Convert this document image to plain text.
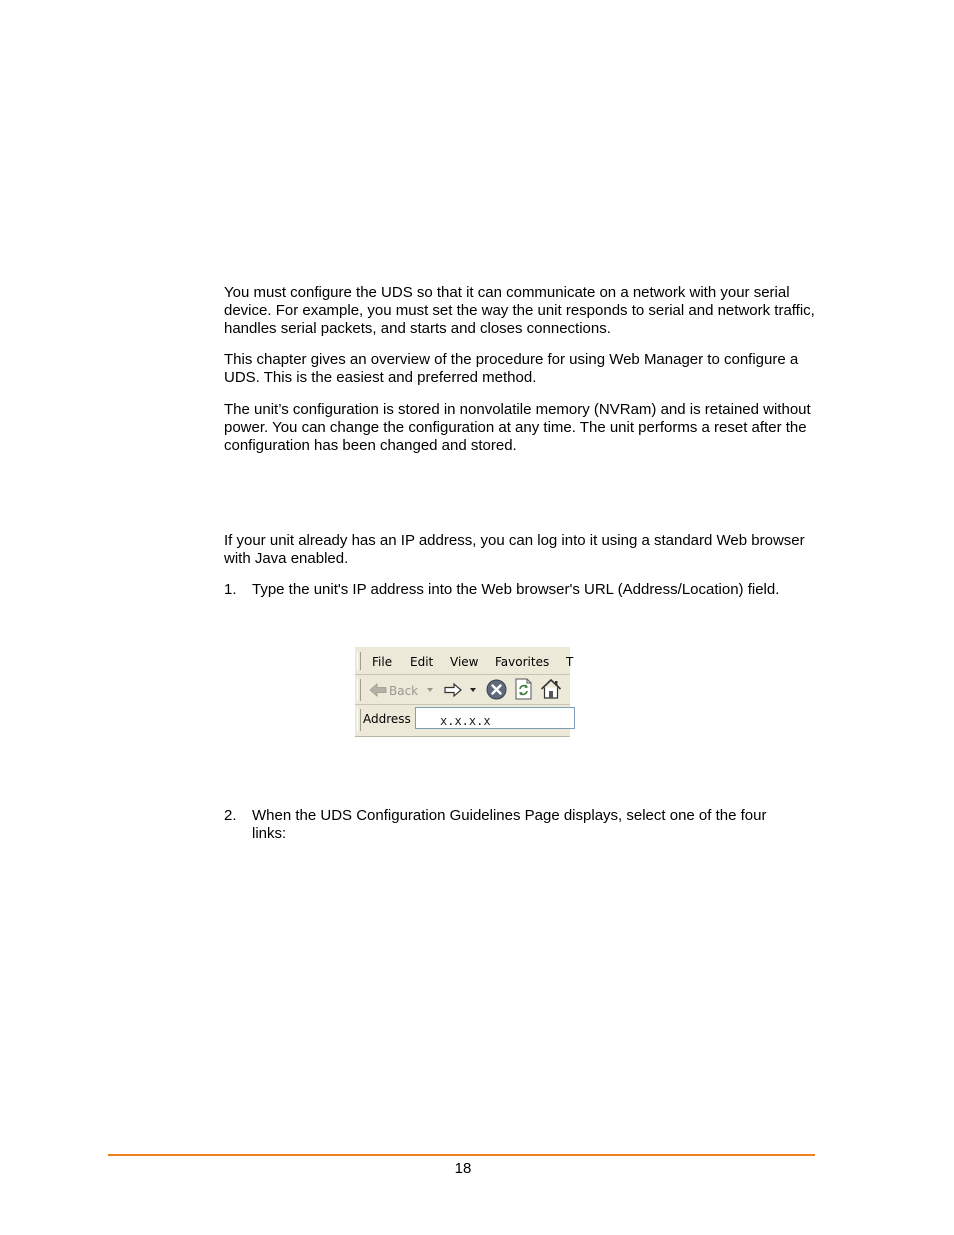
You must configure the UDS so that it can communicate on a network with your serial device. For example, you must set the way the unit responds to serial and network traffic, handles serial packets, and starts and closes connections.

This chapter gives an overview of the procedure for using Web Manager to configure a UDS. This is the easiest and preferred method.

The unit’s configuration is stored in nonvolatile memory (NVRam) and is retained without power. You can change the configuration at any time. The unit performs a reset after the configuration has been changed and stored.

If your unit already has an IP address, you can log into it using a standard Web browser with Java enabled.

1. Type the unit's IP address into the Web browser's URL (Address/Location) field.
File Edit View Favorites T
Back
Address x.x.x.x
2. When the UDS Configuration Guidelines Page displays, select one of the four links:
18
